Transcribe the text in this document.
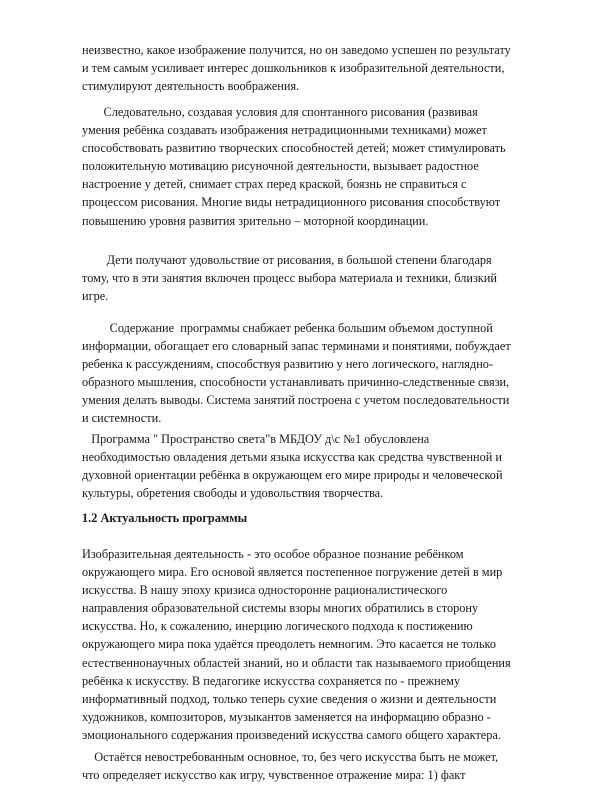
неизвестно, какое изображение получится, но он заведомо успешен по результату
и тем самым усиливает интерес дошкольников к изобразительной деятельности,
стимулируют деятельность воображения.

Следовательно, создавая условия для спонтанного рисования (развивая
умения ребёнка создавать изображения нетрадиционными техниками) может
способствовать развитию творческих способностей детей; может стимулировать
положительную мотивацию рисуночной деятельности, вызывает радостное
настроение у детей, снимает страх перед краской, боязнь не справиться с
процессом рисования. Многие виды нетрадиционного рисования способствуют
повышению уровня развития зрительно – моторной координации.

Дети получают удовольствие от рисования, в большой степени благодаря
тому, что в эти занятия включен процесс выбора материала и техники, близкий
игре.

Содержание  программы снабжает ребенка большим объемом доступной
информации, обогащает его словарный запас терминами и понятиями, побуждает
ребенка к рассуждениям, способствуя развитию у него логического, наглядно-
образного мышления, способности устанавливать причинно-следственные связи,
умения делать выводы. Система занятий построена с учетом последовательности
и системности.

Программа " Пространство света"в МБДОУ д\с №1 обусловлена
необходимостью овладения детьми языка искусства как средства чувственной и
духовной ориентации ребёнка в окружающем его мире природы и человеческой
культуры, обретения свободы и удовольствия творчества.

1.2 Актуальность программы

Изобразительная деятельность - это особое образное познание ребёнком
окружающего мира. Его основой является постепенное погружение детей в мир
искусства. В нашу эпоху кризиса односторонне рационалистического
направления образовательной системы взоры многих обратились в сторону
искусства. Но, к сожалению, инерцию логического подхода к постижению
окружающего мира пока удаётся преодолеть немногим. Это касается не только
естественнонаучных областей знаний, но и области так называемого приобщения
ребёнка к искусству. В педагогике искусства сохраняется по - прежнему
информативный подход, только теперь сухие сведения о жизни и деятельности
художников, композиторов, музыкантов заменяется на информацию образно -
эмоционального содержания произведений искусства самого общего характера.

Остаётся невостребованным основное, то, без чего искусства быть не может,
что определяет искусство как игру, чувственное отражение мира: 1) факт
